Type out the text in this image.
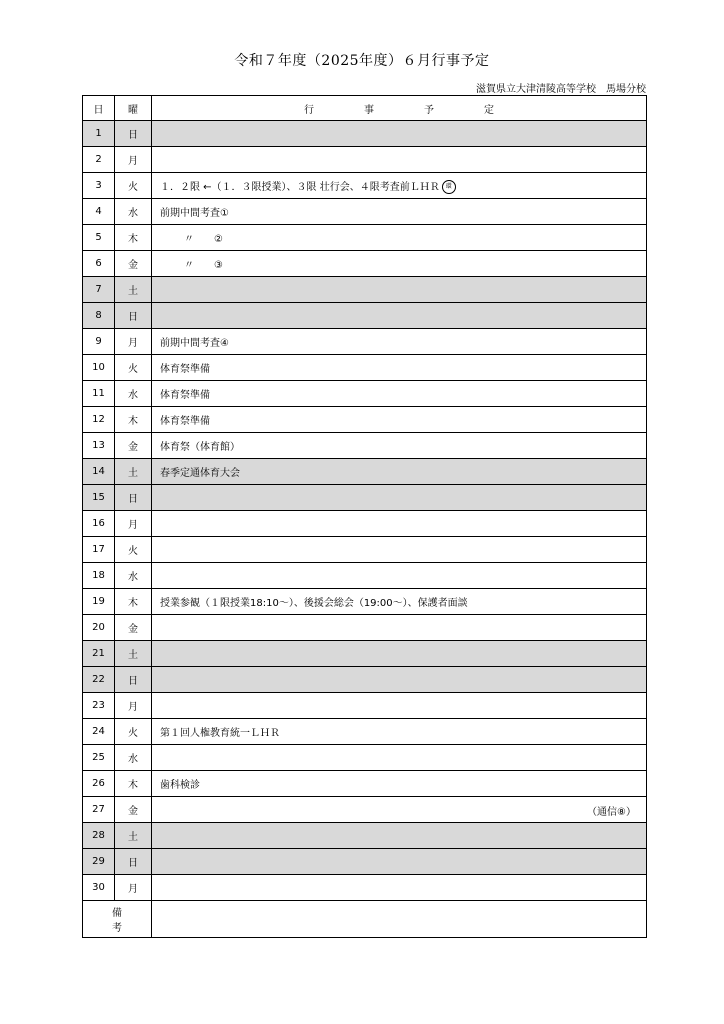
令和７年度（2025年度）６月行事予定
滋賀県立大津清陵高等学校　馬場分校
日	曜	行事予定
1	日	
2	月	
3	火	１．２限 ←（１．３限授業）、３限 壮行会、４限考査前ＬＨＲ 環
4	水	前期中間考査①
5	木	〃　　②
6	金	〃　　③
7	土	
8	日	
9	月	前期中間考査④
10	火	体育祭準備
11	水	体育祭準備
12	木	体育祭準備
13	金	体育祭（体育館）
14	土	春季定通体育大会
15	日	
16	月	
17	火	
18	水	
19	木	授業参観（１限授業18:10～）、後援会総会（19:00～）、保護者面談
20	金	
21	土	
22	日	
23	月	
24	火	第１回人権教育統一ＬＨＲ
25	水	
26	木	歯科検診
27	金	（通信⑧）

28	土	
29	日	
30	月	
備考		
